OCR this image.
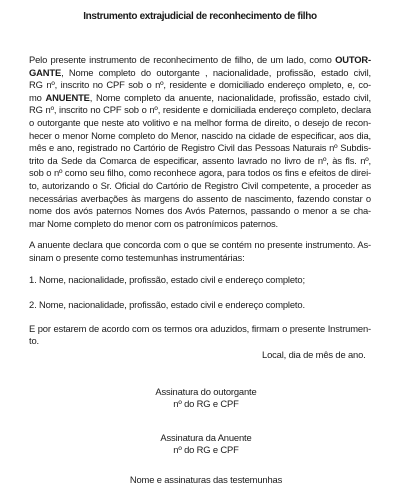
Instrumento extrajudicial de reconhecimento de filho
Pelo presente instrumento de reconhecimento de filho, de um lado, como OUTOR-
GANTE, Nome completo do outorgante , nacionalidade, profissão, estado civil,
RG nº, inscrito no CPF sob o nº, residente e domiciliado endereço ompleto, e, co-
mo ANUENTE, Nome completo da anuente, nacionalidade, profissão, estado civil,
RG nº, inscrito no CPF sob o nº, residente e domiciliada endereço completo, declara
o outorgante que neste ato volitivo e na melhor forma de direito, o desejo de recon-
hecer o menor Nome completo do Menor, nascido na cidade de especificar, aos dia,
mês e ano, registrado no Cartório de Registro Civil das Pessoas Naturais nº Subdis-
trito da Sede da Comarca de especificar, assento lavrado no livro de nº, às fls. nº,
sob o nº como seu filho, como reconhece agora, para todos os fins e efeitos de direi-
to, autorizando o Sr. Oficial do Cartório de Registro Civil competente, a proceder as
necessárias averbações às margens do assento de nascimento, fazendo constar o
nome dos avós paternos Nomes dos Avós Paternos, passando o menor a se cha-
mar Nome completo do menor com os patronímicos paternos.
A anuente declara que concorda com o que se contém no presente instrumento. As-
sinam o presente como testemunhas instrumentárias:

1. Nome, nacionalidade, profissão, estado civil e endereço completo;

2. Nome, nacionalidade, profissão, estado civil e endereço completo.

E por estarem de acordo com os termos ora aduzidos, firmam o presente Instrumen-
to.
Local, dia de mês de ano.
Assinatura do outorgante
nº do RG e CPF
Assinatura da Anuente
nº do RG e CPF
Nome e assinaturas das testemunhas
